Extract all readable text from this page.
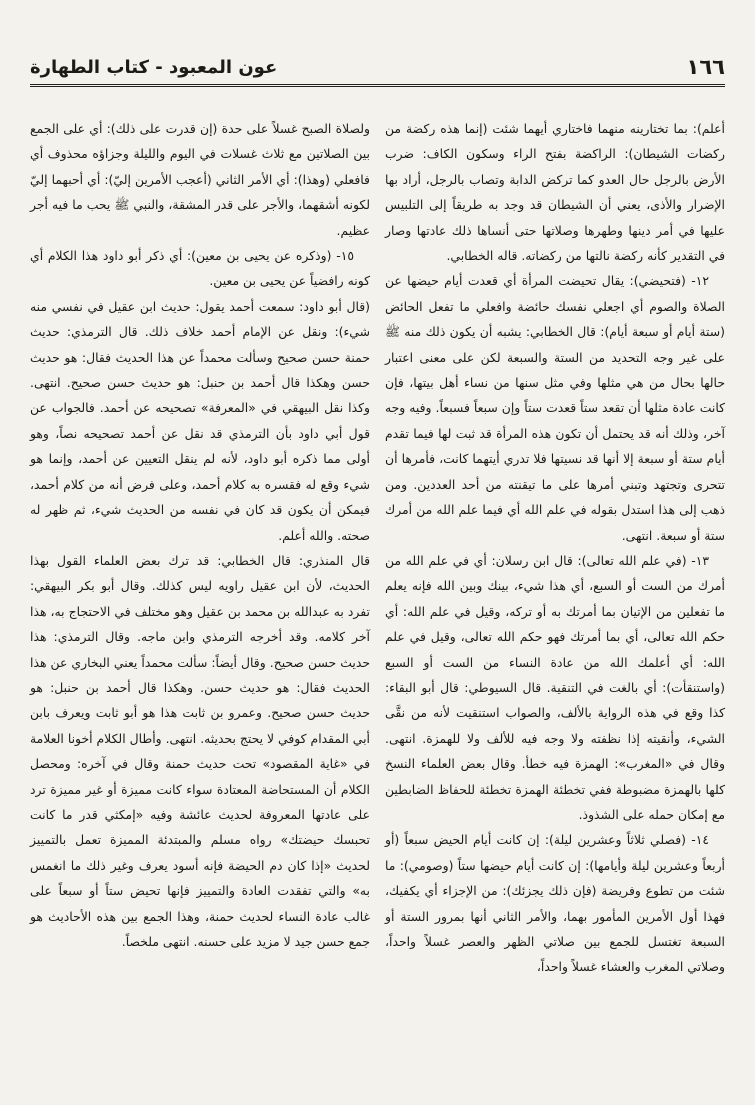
١٦٦
عون المعبود - كتاب الطهارة

أعلم): بما تختارينه منهما فاختاري أيهما شئت (إنما هذه ركضة من ركضات الشيطان): الراكضة بفتح الراء وسكون الكاف: ضرب الأرض بالرجل حال العدو كما تركض الدابة وتصاب بالرجل، أراد بها الإضرار والأذى، يعني أن الشيطان قد وجد به طريقاً إلى التلبيس عليها في أمر دينها وطهرها وصلاتها حتى أنساها ذلك عادتها وصار في التقدير كأنه ركضة نالتها من ركضاته. قاله الخطابي.

١٢- (فتحيضي): يقال تحيضت المرأة أي قعدت أيام حيضها عن الصلاة والصوم أي اجعلي نفسك حائضة وافعلي ما تفعل الحائض (ستة أيام أو سبعة أيام): قال الخطابي: يشبه أن يكون ذلك منه ﷺ على غير وجه التحديد من الستة والسبعة لكن على معنى اعتبار حالها بحال من هي مثلها وفي مثل سنها من نساء أهل بيتها، فإن كانت عادة مثلها أن تقعد ستاً قعدت ستاً وإن سبعاً فسبعاً. وفيه وجه آخر، وذلك أنه قد يحتمل أن تكون هذه المرأة قد ثبت لها فيما تقدم أيام ستة أو سبعة إلا أنها قد نسيتها فلا تدري أيتهما كانت، فأمرها أن تتحرى وتجتهد وتبني أمرها على ما تيقنته من أحد العددين. ومن ذهب إلى هذا استدل بقوله في علم الله أي فيما علم الله من أمرك ستة أو سبعة. انتهى.

١٣- (في علم الله تعالى): قال ابن رسلان: أي في علم الله من أمرك من الست أو السبع، أي هذا شيء، بينك وبين الله فإنه يعلم ما تفعلين من الإتيان بما أمرتك به أو تركه، وقيل في علم الله: أي حكم الله تعالى، أي بما أمرتك فهو حكم الله تعالى، وقيل في علم الله: أي أعلمك الله من عادة النساء من الست أو السبع (واستنقأت): أي بالغت في التنقية. قال السيوطي: قال أبو البقاء: كذا وقع في هذه الرواية بالألف، والصواب استنقيت لأنه من نقَّى الشيء، وأنقيته إذا نظفته ولا وجه فيه للألف ولا للهمزة. انتهى. وقال في «المغرب»: الهمزة فيه خطأ. وقال بعض العلماء النسخ كلها بالهمزة مضبوطة ففي تخطئة الهمزة تخطئة للحفاظ الضابطين مع إمكان حمله على الشذوذ.

١٤- (فصلي ثلاثاً وعشرين ليلة): إن كانت أيام الحيض سبعاً (أو أربعاً وعشرين ليلة وأيامها): إن كانت أيام حيضها ستاً (وصومي): ما شئت من تطوع وفريضة (فإن ذلك يجزئك): من الإجزاء أي يكفيك، فهذا أول الأمرين المأمور بهما، والأمر الثاني أنها بمرور الستة أو السبعة تغتسل للجمع بين صلاتي الظهر والعصر غسلاً واحداً، وصلاتي المغرب والعشاء غسلاً واحداً،

ولصلاة الصبح غسلاً على حدة (إن قدرت على ذلك): أي على الجمع بين الصلاتين مع ثلاث غسلات في اليوم والليلة وجزاؤه محذوف أي فافعلي (وهذا): أي الأمر الثاني (أعجب الأمرين إليّ): أي أحبهما إليّ لكونه أشقهما، والأجر على قدر المشقة، والنبي ﷺ يحب ما فيه أجر عظيم.

١٥- (وذكره عن يحيى بن معين): أي ذكر أبو داود هذا الكلام أي كونه رافضياً عن يحيى بن معين.

(قال أبو داود: سمعت أحمد يقول: حديث ابن عقيل في نفسي منه شيء): ونقل عن الإمام أحمد خلاف ذلك. قال الترمذي: حديث حمنة حسن صحيح وسألت محمداً عن هذا الحديث فقال: هو حديث حسن وهكذا قال أحمد بن حنبل: هو حديث حسن صحيح. انتهى. وكذا نقل البيهقي في «المعرفة» تصحيحه عن أحمد. فالجواب عن قول أبي داود بأن الترمذي قد نقل عن أحمد تصحيحه نصاً، وهو أولى مما ذكره أبو داود، لأنه لم ينقل التعيين عن أحمد، وإنما هو شيء وقع له فقسره به كلام أحمد، وعلى فرض أنه من كلام أحمد، فيمكن أن يكون قد كان في نفسه من الحديث شيء، ثم ظهر له صحته. والله أعلم.

قال المنذري: قال الخطابي: قد ترك بعض العلماء القول بهذا الحديث، لأن ابن عقيل راويه ليس كذلك. وقال أبو بكر البيهقي: تفرد به عبدالله بن محمد بن عقيل وهو مختلف في الاحتجاج به، هذا آخر كلامه. وقد أخرجه الترمذي وابن ماجه. وقال الترمذي: هذا حديث حسن صحيح. وقال أيضاً: سألت محمداً يعني البخاري عن هذا الحديث فقال: هو حديث حسن. وهكذا قال أحمد بن حنبل: هو حديث حسن صحيح. وعمرو بن ثابت هذا هو أبو ثابت ويعرف بابن أبي المقدام كوفي لا يحتج بحديثه. انتهى. وأطال الكلام أخونا العلامة في «غاية المقصود» تحت حديث حمنة وقال في آخره: ومحصل الكلام أن المستحاضة المعتادة سواء كانت مميزة أو غير مميزة ترد على عادتها المعروفة لحديث عائشة وفيه «إمكثي قدر ما كانت تحبسك حيضتك» رواه مسلم والمبتدئة المميزة تعمل بالتمييز لحديث «إذا كان دم الحيضة فإنه أسود يعرف وغير ذلك ما انغمس به» والتي تفقدت العادة والتمييز فإنها تحيض ستاً أو سبعاً على غالب عادة النساء لحديث حمنة، وهذا الجمع بين هذه الأحاديث هو جمع حسن جيد لا مزيد على حسنه. انتهى ملخصاً.
